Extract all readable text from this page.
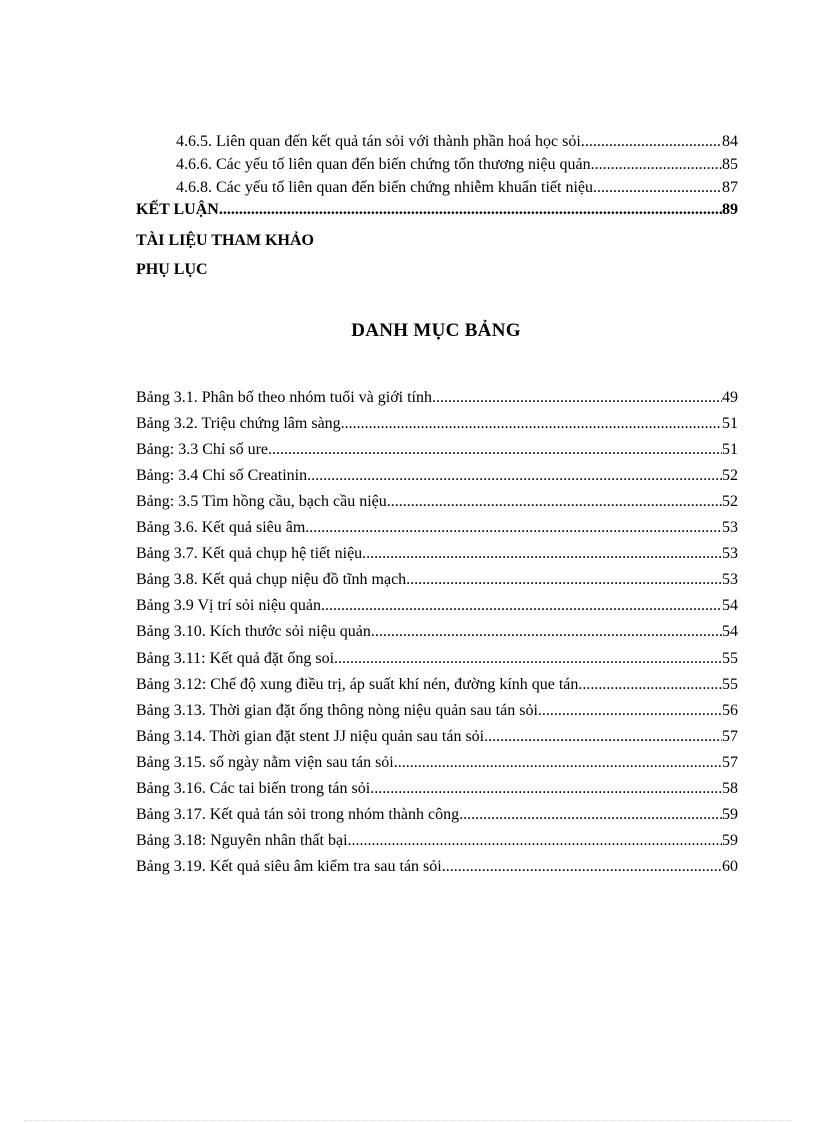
4.6.5. Liên quan đến kết quả tán sỏi với thành phần hoá học sỏi .....	84
4.6.6. Các yếu tố liên quan đến biến chứng tổn thương niệu quản. .....	85
4.6.8. Các yếu tố liên quan đến biến chứng nhiễm khuẩn tiết niệu. .....	87
KẾT LUẬN .....	89
TÀI LIỆU THAM KHẢO
PHỤ LỤC
DANH MỤC BẢNG
Bảng 3.1. Phân bố theo nhóm tuổi và giới tính .....	49
Bảng 3.2. Triệu chứng lâm sàng .....	51
Bảng: 3.3 Chỉ số ure .....	51
Bảng: 3.4 Chỉ số Creatinin .....	52
Bảng: 3.5 Tìm hồng cầu, bạch cầu niệu. .....	52
Bảng 3.6. Kết quả siêu âm .....	53
Bảng 3.7. Kết quả chụp hệ tiết niệu .....	53
Bảng 3.8. Kết quả chụp niệu đồ tĩnh mạch .....	53
Bảng 3.9 Vị trí sỏi niệu quản .....	54
Bảng 3.10. Kích thước sỏi niệu quản .....	54
Bảng 3.11: Kết quả đặt ống soi .....	55
Bảng 3.12: Chế độ xung điều trị, áp suất khí nén, đường kính que tán .....	55
Bảng 3.13. Thời gian đặt ống thông nòng niệu quản sau tán sỏi .....	56
Bảng 3.14. Thời gian đặt stent JJ niệu quản sau tán sỏi .....	57
Bảng 3.15. số ngày nằm viện sau tán sỏi .....	57
Bảng 3.16. Các tai biến trong tán sỏi .....	58
Bảng 3.17. Kết quả tán sỏi trong nhóm thành công .....	59
Bảng 3.18: Nguyên nhân thất bại .....	59
Bảng 3.19. Kết quả siêu âm kiểm tra sau tán sỏi .....	60
